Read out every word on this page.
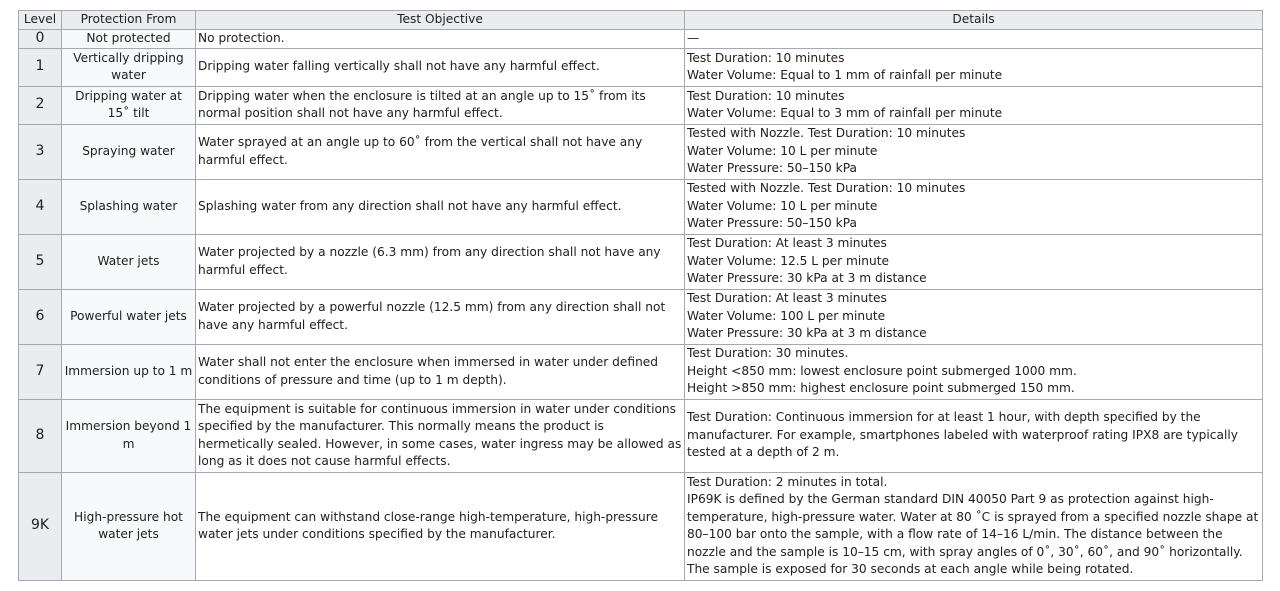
Level	Protection From	Test Objective	Details
0	Not protected	No protection.	—

1	Vertically dripping water	Dripping water falling vertically shall not have any harmful effect.	Test Duration: 10 minutes
Water Volume: Equal to 1 mm of rainfall per minute

2	Dripping water at 15˚ tilt	Dripping water when the enclosure is tilted at an angle up to 15˚ from its normal position shall not have any harmful effect.	Test Duration: 10 minutes
Water Volume: Equal to 3 mm of rainfall per minute

3	Spraying water	Water sprayed at an angle up to 60˚ from the vertical shall not have any harmful effect.	Tested with Nozzle. Test Duration: 10 minutes
Water Volume: 10 L per minute
Water Pressure: 50–150 kPa

4	Splashing water	Splashing water from any direction shall not have any harmful effect.	Tested with Nozzle. Test Duration: 10 minutes
Water Volume: 10 L per minute
Water Pressure: 50–150 kPa

5	Water jets	Water projected by a nozzle (6.3 mm) from any direction shall not have any harmful effect.	Test Duration: At least 3 minutes
Water Volume: 12.5 L per minute
Water Pressure: 30 kPa at 3 m distance

6	Powerful water jets	Water projected by a powerful nozzle (12.5 mm) from any direction shall not have any harmful effect.	Test Duration: At least 3 minutes
Water Volume: 100 L per minute
Water Pressure: 30 kPa at 3 m distance

7	Immersion up to 1 m	Water shall not enter the enclosure when immersed in water under defined conditions of pressure and time (up to 1 m depth).	Test Duration: 30 minutes.
Height <850 mm: lowest enclosure point submerged 1000 mm.
Height >850 mm: highest enclosure point submerged 150 mm.

8	Immersion beyond 1 m	The equipment is suitable for continuous immersion in water under conditions specified by the manufacturer. This normally means the product is hermetically sealed. However, in some cases, water ingress may be allowed as long as it does not cause harmful effects.	Test Duration: Continuous immersion for at least 1 hour, with depth specified by the manufacturer. For example, smartphones labeled with waterproof rating IPX8 are typically tested at a depth of 2 m.

9K	High-pressure hot water jets	The equipment can withstand close-range high-temperature, high-pressure water jets under conditions specified by the manufacturer.	Test Duration: 2 minutes in total.
IP69K is defined by the German standard DIN 40050 Part 9 as protection against high-temperature, high-pressure water. Water at 80 ˚C is sprayed from a specified nozzle shape at 80–100 bar onto the sample, with a flow rate of 14–16 L/min. The distance between the nozzle and the sample is 10–15 cm, with spray angles of 0˚, 30˚, 60˚, and 90˚ horizontally. The sample is exposed for 30 seconds at each angle while being rotated.
